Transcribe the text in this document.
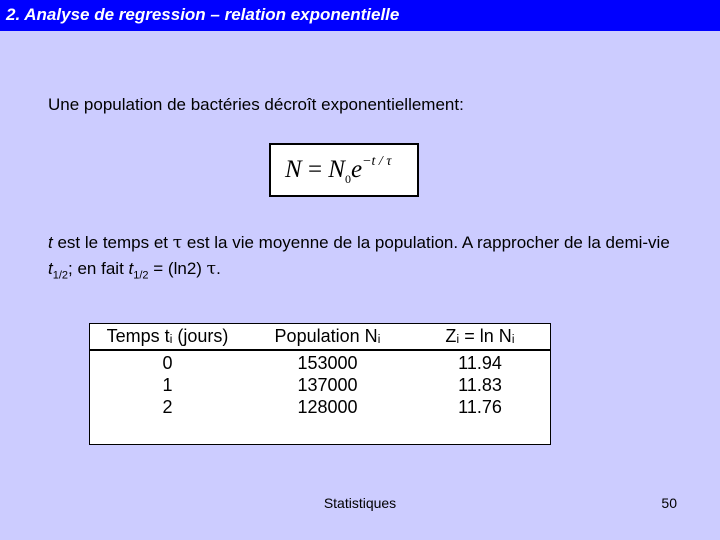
2. Analyse de regression – relation exponentielle
Une population de bactéries décroît exponentiellement:
$N = N_0e^{-t / \tau}$
t est le temps et τ est la vie moyenne de la population. A rapprocher de la demi-vie $t_{1/2}$; en fait $t_{1/2} = (\ln 2)$ τ.
Temps tᵢ (jours)	Population Nᵢ	Zᵢ = ln Nᵢ
0	153000	11.94
1	137000	11.83
2	128000	11.76
Statistiques	50
